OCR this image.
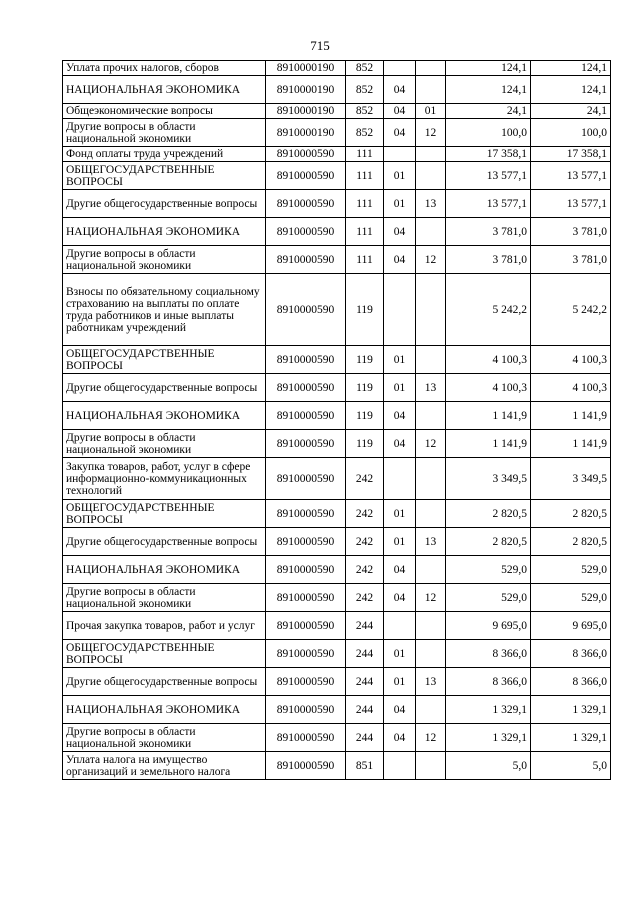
715
Уплата прочих налогов, сборов	8910000190	852			124,1	124,1
НАЦИОНАЛЬНАЯ ЭКОНОМИКА	8910000190	852	04		124,1	124,1
Общеэкономические вопросы	8910000190	852	04	01	24,1	24,1
Другие вопросы в области национальной экономики	8910000190	852	04	12	100,0	100,0
Фонд оплаты труда учреждений	8910000590	111			17 358,1	17 358,1
ОБЩЕГОСУДАРСТВЕННЫЕ ВОПРОСЫ	8910000590	111	01		13 577,1	13 577,1
Другие общегосударственные вопросы	8910000590	111	01	13	13 577,1	13 577,1
НАЦИОНАЛЬНАЯ ЭКОНОМИКА	8910000590	111	04		3 781,0	3 781,0
Другие вопросы в области национальной экономики	8910000590	111	04	12	3 781,0	3 781,0
Взносы по обязательному социальному страхованию на выплаты по оплате труда работников и иные выплаты работникам учреждений	8910000590	119			5 242,2	5 242,2
ОБЩЕГОСУДАРСТВЕННЫЕ ВОПРОСЫ	8910000590	119	01		4 100,3	4 100,3
Другие общегосударственные вопросы	8910000590	119	01	13	4 100,3	4 100,3
НАЦИОНАЛЬНАЯ ЭКОНОМИКА	8910000590	119	04		1 141,9	1 141,9
Другие вопросы в области национальной экономики	8910000590	119	04	12	1 141,9	1 141,9
Закупка товаров, работ, услуг в сфере информационно-коммуникационных технологий	8910000590	242			3 349,5	3 349,5
ОБЩЕГОСУДАРСТВЕННЫЕ ВОПРОСЫ	8910000590	242	01		2 820,5	2 820,5
Другие общегосударственные вопросы	8910000590	242	01	13	2 820,5	2 820,5
НАЦИОНАЛЬНАЯ ЭКОНОМИКА	8910000590	242	04		529,0	529,0
Другие вопросы в области национальной экономики	8910000590	242	04	12	529,0	529,0
Прочая закупка товаров, работ и услуг	8910000590	244			9 695,0	9 695,0
ОБЩЕГОСУДАРСТВЕННЫЕ ВОПРОСЫ	8910000590	244	01		8 366,0	8 366,0
Другие общегосударственные вопросы	8910000590	244	01	13	8 366,0	8 366,0
НАЦИОНАЛЬНАЯ ЭКОНОМИКА	8910000590	244	04		1 329,1	1 329,1
Другие вопросы в области национальной экономики	8910000590	244	04	12	1 329,1	1 329,1
Уплата налога на имущество организаций и земельного налога	8910000590	851			5,0	5,0
